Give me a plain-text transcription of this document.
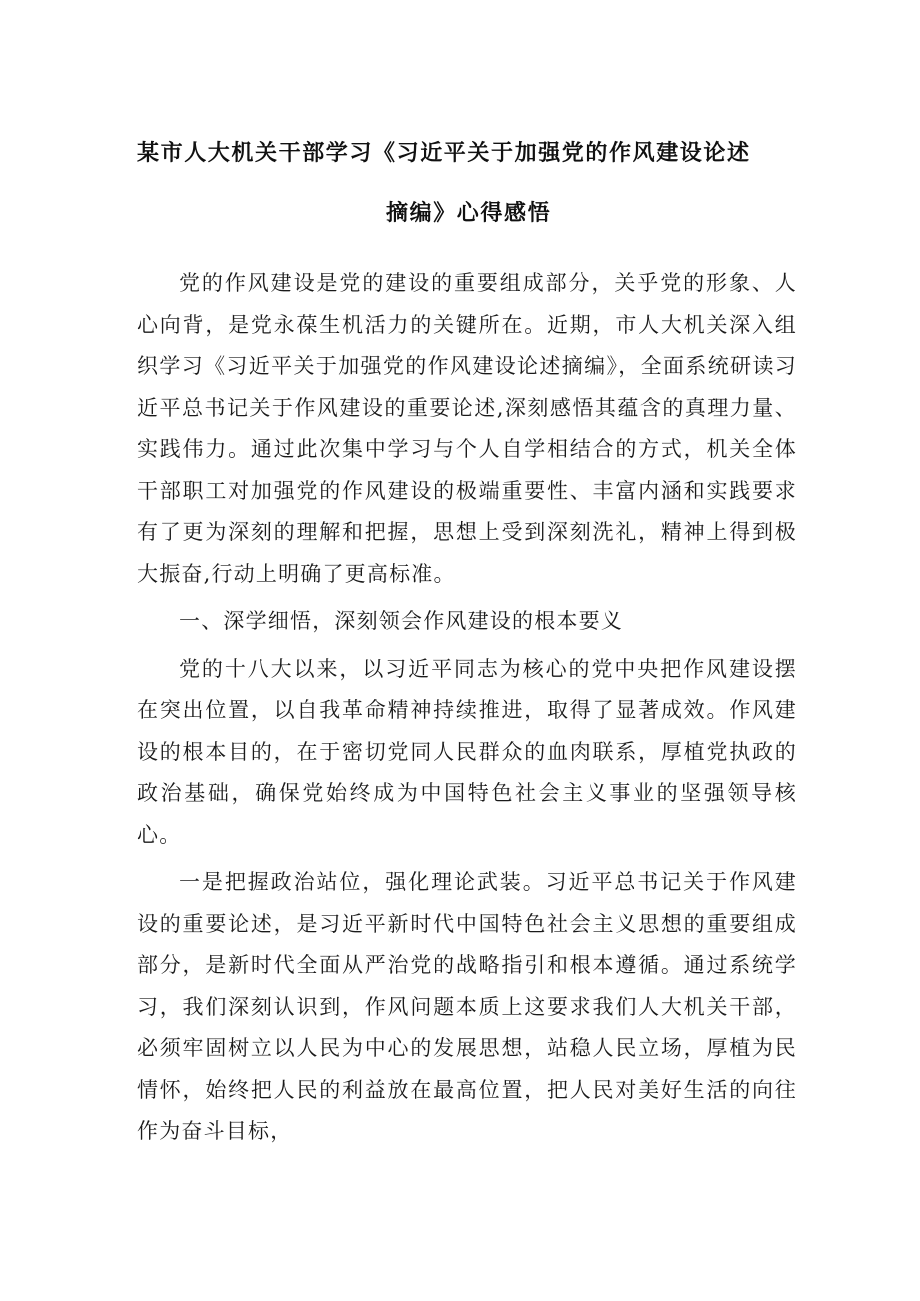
某市人大机关干部学习《习近平关于加强党的作风建设论述
摘编》心得感悟

党的作风建设是党的建设的重要组成部分，关乎党的形象、人心向背，是党永葆生机活力的关键所在。近期，市人大机关深入组织学习《习近平关于加强党的作风建设论述摘编》，全面系统研读习近平总书记关于作风建设的重要论述,深刻感悟其蕴含的真理力量、实践伟力。通过此次集中学习与个人自学相结合的方式，机关全体干部职工对加强党的作风建设的极端重要性、丰富内涵和实践要求有了更为深刻的理解和把握，思想上受到深刻洗礼，精神上得到极大振奋,行动上明确了更高标准。

一、深学细悟，深刻领会作风建设的根本要义

党的十八大以来，以习近平同志为核心的党中央把作风建设摆在突出位置，以自我革命精神持续推进，取得了显著成效。作风建设的根本目的，在于密切党同人民群众的血肉联系，厚植党执政的政治基础，确保党始终成为中国特色社会主义事业的坚强领导核心。

一是把握政治站位，强化理论武装。习近平总书记关于作风建设的重要论述，是习近平新时代中国特色社会主义思想的重要组成部分，是新时代全面从严治党的战略指引和根本遵循。通过系统学习，我们深刻认识到，作风问题本质上这要求我们人大机关干部，必须牢固树立以人民为中心的发展思想，站稳人民立场，厚植为民情怀，始终把人民的利益放在最高位置，把人民对美好生活的向往作为奋斗目标，
